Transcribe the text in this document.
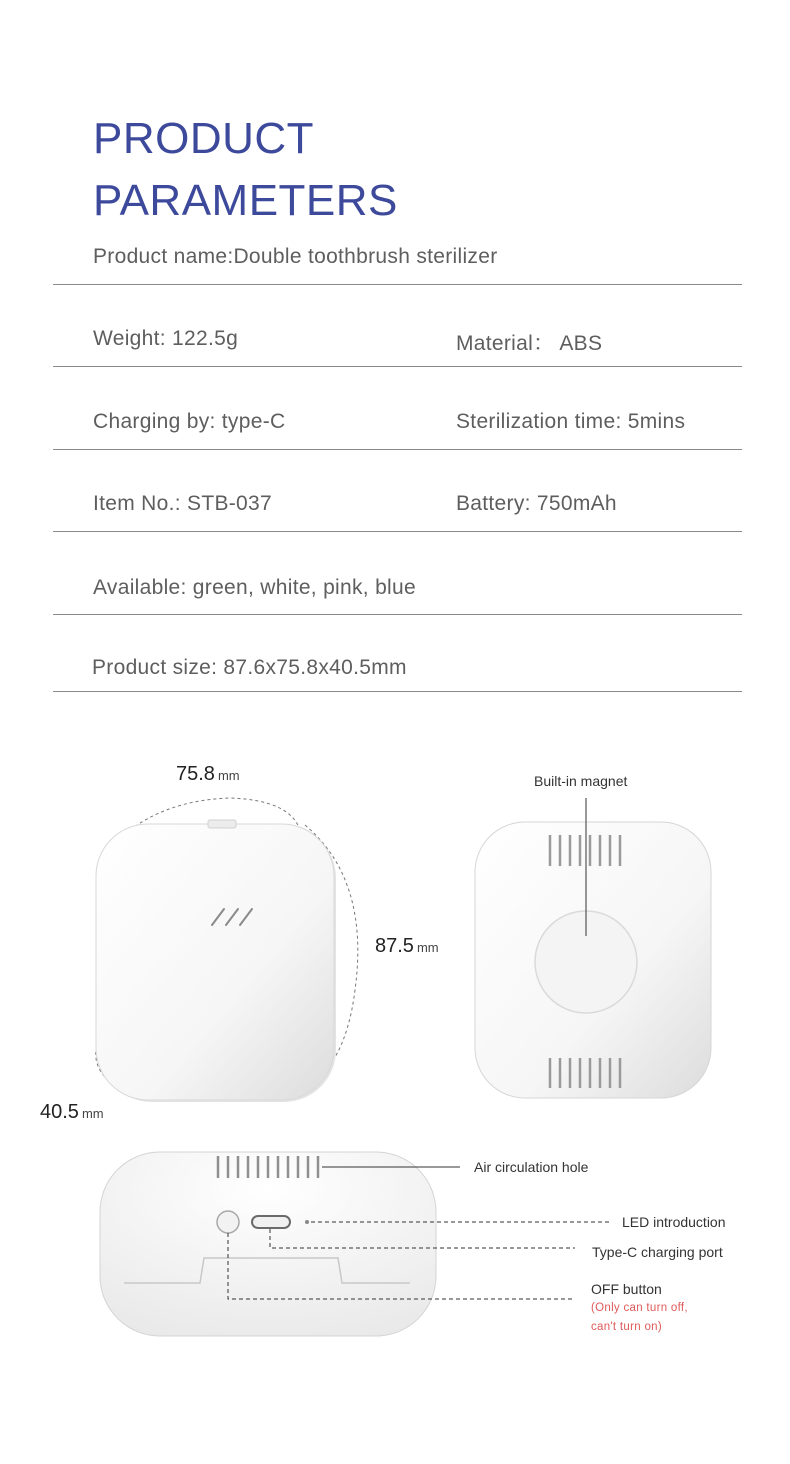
PRODUCT
PARAMETERS
Product name:Double toothbrush sterilizer
Weight: 122.5g	Material： ABS
Charging by: type-C	Sterilization time: 5mins
Item No.: STB-037	Battery: 750mAh
Available: green, white, pink, blue
Product size: 87.6x75.8x40.5mm
75.8 mm
87.5 mm
40.5 mm
Built-in magnet
Air circulation hole
LED introduction
Type-C charging port
OFF button
(Only can turn off,
can't turn on)
